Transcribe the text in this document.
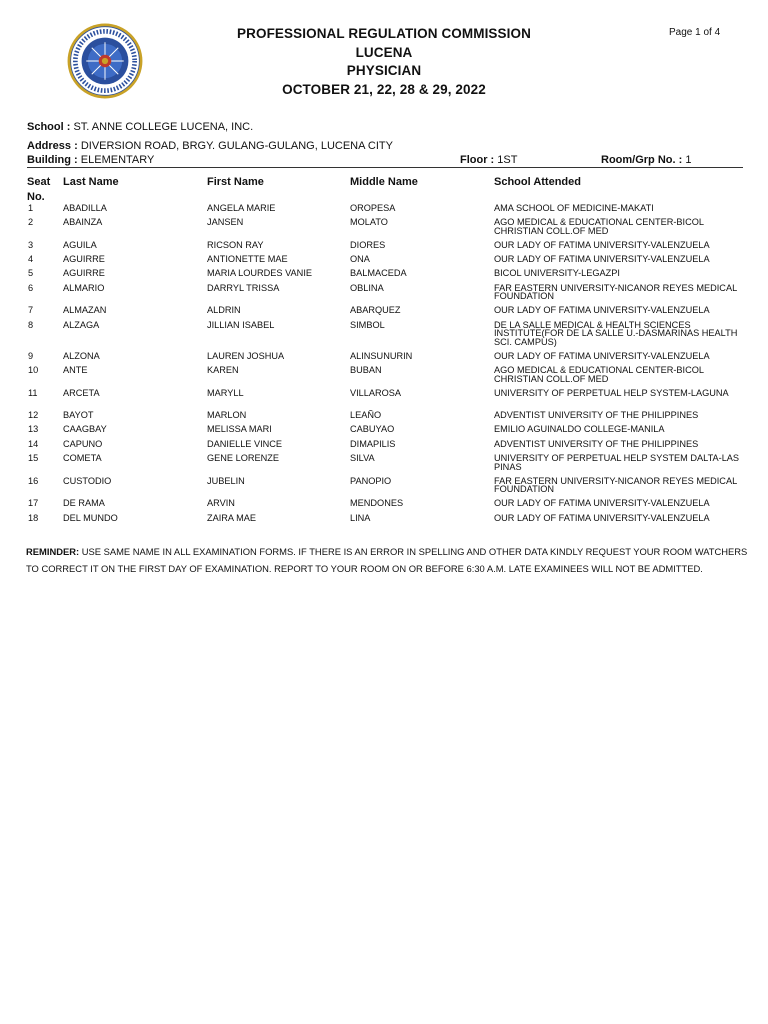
PROFESSIONAL REGULATION COMMISSION
LUCENA
PHYSICIAN
OCTOBER 21, 22, 28 & 29, 2022
Page 1 of 4
School : ST. ANNE COLLEGE LUCENA, INC.
Address : DIVERSION ROAD, BRGY. GULANG-GULANG, LUCENA CITY
Building : ELEMENTARY	Floor : 1ST	Room/Grp No. : 1
Seat
No.
Last Name	First Name	Middle Name	School Attended
1	ABADILLA	ANGELA MARIE	OROPESA	AMA SCHOOL OF MEDICINE-MAKATI
2	ABAINZA	JANSEN	MOLATO	AGO MEDICAL & EDUCATIONAL CENTER-BICOL CHRISTIAN COLL.OF MED
3	AGUILA	RICSON RAY	DIORES	OUR LADY OF FATIMA UNIVERSITY-VALENZUELA
4	AGUIRRE	ANTIONETTE MAE	ONA	OUR LADY OF FATIMA UNIVERSITY-VALENZUELA
5	AGUIRRE	MARIA LOURDES VANIE	BALMACEDA	BICOL UNIVERSITY-LEGAZPI
6	ALMARIO	DARRYL TRISSA	OBLINA	FAR EASTERN UNIVERSITY-NICANOR REYES MEDICAL FOUNDATION
7	ALMAZAN	ALDRIN	ABARQUEZ	OUR LADY OF FATIMA UNIVERSITY-VALENZUELA
8	ALZAGA	JILLIAN ISABEL	SIMBOL	DE LA SALLE MEDICAL & HEALTH SCIENCES INSTITUTE(FOR DE LA SALLE U.-DASMARINAS HEALTH SCI. CAMPUS)
9	ALZONA	LAUREN JOSHUA	ALINSUNURIN	OUR LADY OF FATIMA UNIVERSITY-VALENZUELA
10	ANTE	KAREN	BUBAN	AGO MEDICAL & EDUCATIONAL CENTER-BICOL CHRISTIAN COLL.OF MED
11	ARCETA	MARYLL	VILLAROSA	UNIVERSITY OF PERPETUAL HELP SYSTEM-LAGUNA
12	BAYOT	MARLON	LEAÑO	ADVENTIST UNIVERSITY OF THE PHILIPPINES
13	CAAGBAY	MELISSA MARI	CABUYAO	EMILIO AGUINALDO COLLEGE-MANILA
14	CAPUNO	DANIELLE VINCE	DIMAPILIS	ADVENTIST UNIVERSITY OF THE PHILIPPINES
15	COMETA	GENE LORENZE	SILVA	UNIVERSITY OF PERPETUAL HELP SYSTEM DALTA-LAS PINAS
16	CUSTODIO	JUBELIN	PANOPIO	FAR EASTERN UNIVERSITY-NICANOR REYES MEDICAL FOUNDATION
17	DE RAMA	ARVIN	MENDONES	OUR LADY OF FATIMA UNIVERSITY-VALENZUELA
18	DEL MUNDO	ZAIRA MAE	LINA	OUR LADY OF FATIMA UNIVERSITY-VALENZUELA
REMINDER: USE SAME NAME IN ALL EXAMINATION FORMS. IF THERE IS AN ERROR IN SPELLING AND OTHER DATA KINDLY REQUEST YOUR ROOM WATCHERS TO CORRECT IT ON THE FIRST DAY OF EXAMINATION. REPORT TO YOUR ROOM ON OR BEFORE 6:30 A.M. LATE EXAMINEES WILL NOT BE ADMITTED.
